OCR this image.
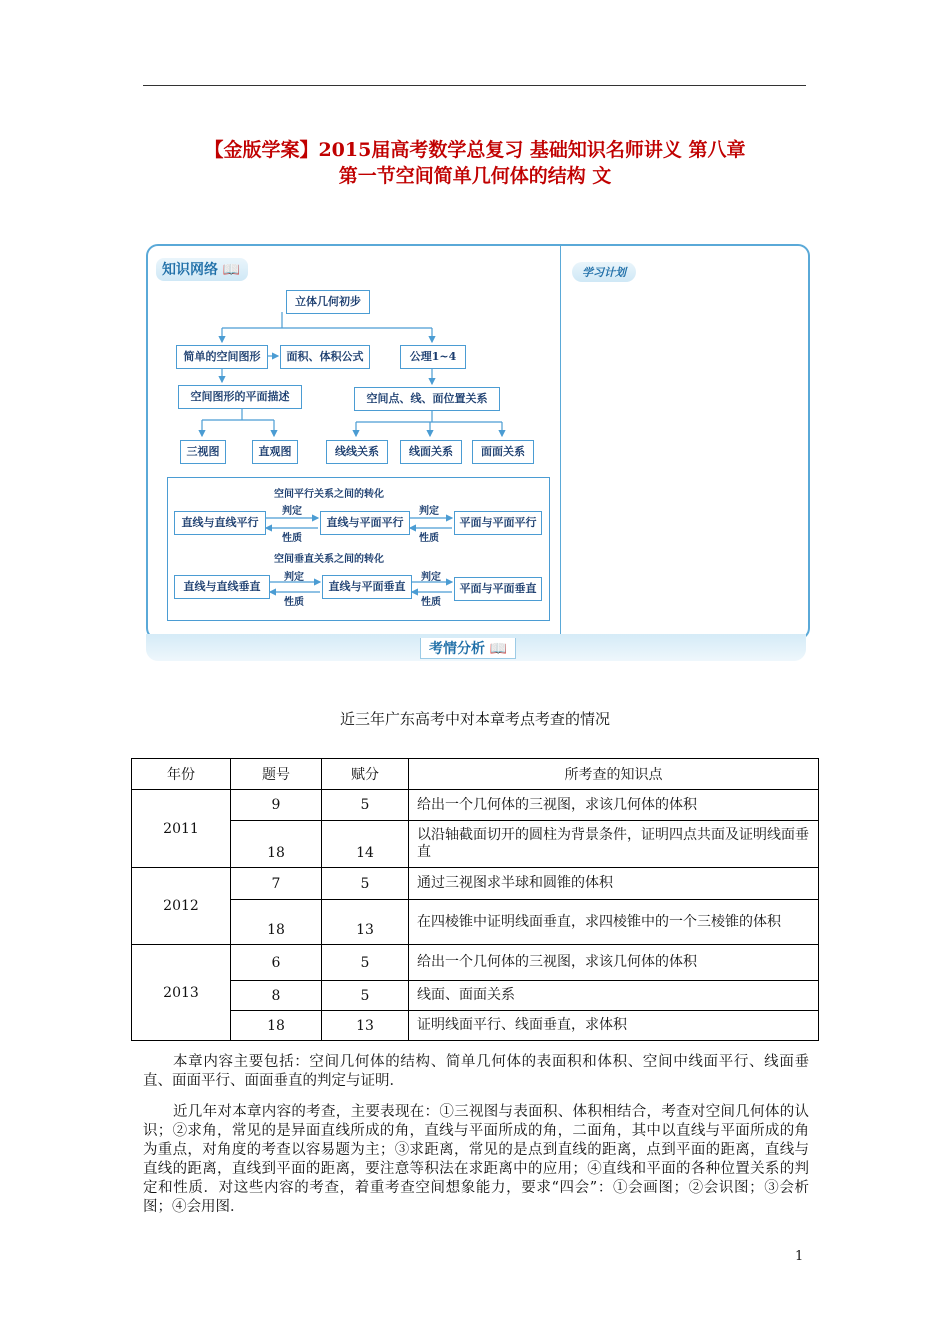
【金版学案】2015届高考数学总复习 基础知识名师讲义 第八章
第一节空间简单几何体的结构 文
知识网络 📖	学习计划
立体几何初步
简单的空间图形	面积、体积公式	公理1~4
空间图形的平面描述	空间点、线、面位置关系
三视图	直观图	线线关系	线面关系	面面关系
空间平行关系之间的转化
直线与直线平行	直线与平面平行	平面与平面平行
判定
性质
判定
性质
空间垂直关系之间的转化
直线与直线垂直	直线与平面垂直	平面与平面垂直
判定
性质
判定
性质
考情分析 📖
近三年广东高考中对本章考点考查的情况
年份	题号	赋分	所考查的知识点
2011	9	5	给出一个几何体的三视图，求该几何体的体积
	18	14	以沿轴截面切开的圆柱为背景条件，证明四点共面及证明线面垂直
2012	7	5	通过三视图求半球和圆锥的体积
	18	13	在四棱锥中证明线面垂直，求四棱锥中的一个三棱锥的体积
2013	6	5	给出一个几何体的三视图，求该几何体的体积
	8	5	线面、面面关系
	18	13	证明线面平行、线面垂直，求体积
本章内容主要包括：空间几何体的结构、简单几何体的表面积和体积、空间中线面平行、线面垂直、面面平行、面面垂直的判定与证明．
近几年对本章内容的考查，主要表现在：①三视图与表面积、体积相结合，考查对空间几何体的认识；②求角，常见的是异面直线所成的角，直线与平面所成的角，二面角，其中以直线与平面所成的角为重点，对角度的考查以容易题为主；③求距离，常见的是点到直线的距离，点到平面的距离，直线与直线的距离，直线到平面的距离，要注意等积法在求距离中的应用；④直线和平面的各种位置关系的判定和性质．对这些内容的考查，着重考查空间想象能力，要求“四会”：①会画图；②会识图；③会析图；④会用图．
1
